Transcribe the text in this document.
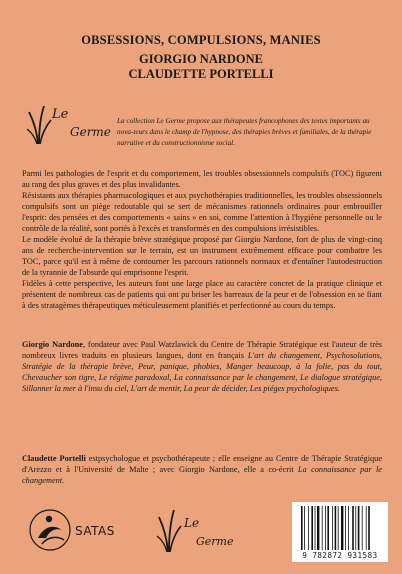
OBSESSIONS, COMPULSIONS, MANIES
GIORGIO NARDONE
CLAUDETTE PORTELLI
Le
Germe
La collection Le Germe propose aux thérapeutes francophones des textes importants au nova-teurs dans le champ de l'hypnose, des thérapies brèves et familiales, de la thérapie narrative et du constructionnisme social.

Parmi les pathologies de l'esprit et du comportement, les troubles obsessionnels compulsifs (TOC) figurent au rang des plus graves et des plus invalidantes.

Résistants aux thérapies pharmacologiques et aux psychothérapies traditionnelles, les troubles obsessionnels compulsifs sont un piège redoutable qui se sert de mécanismes rationnels ordinaires pour embrouiller l'esprit: des pensées et des comportements « sains » en soi, comme l'attention à l'hygiène personnelle ou le contrôle de la réalité, sont portés à l'excès et transformés en des compulsions irrésistibles.

Le modèle évolué de la thérapie brève stratégique proposé par Giorgio Nardone, fort de plus de vingt-cinq ans de recherche-intervention sur le terrain, est un instrument extrêmement efficace pour combattre les TOC, parce qu'il est à même de contourner les parcours rationnels normaux et d'entaîner l'autodestruction de la tyrannie de l'absurde qui emprisonne l'esprit.

Fidèles à cette perspective, les auteurs font une large place au caractère concret de la pratique clinique et présentent de nombreux cas de patients qui ont pu briser les barreaux de la peur et de l'obsession en se fiant à des stratagèmes thérapeutiques méticuleusement planifiés et perfectionné au cours du temps.

Giorgio Nardone, fondateur avec Paul Watzlawick du Centre de Thérapie Stratégique est l'auteur de très nombreux livres traduits en plusieurs langues, dont en français L'art du changement, Psychosolutions, Stratégie de la thérapie brève, Peur, panique, phobies, Manger beaucoup, à la folie, pas du tout, Chevaucher son tigre, Le régime paradoxal, La connaissance par le changement, Le dialogue stratégique, Sillonner la mer à l'insu du ciel, L'art de mentir, La peur de décider, Les piéges psychologiques.

Claudette Portelli estpsychologue et psychothérapeute ; elle enseigne au Centre de Thérapie Stratégique d'Arezzo et à l'Université de Malte ; avec Giorgio Nardone, elle a co-écrit La connaissance par le changement.

SATAS
Le
Germe
9 782872 931583
